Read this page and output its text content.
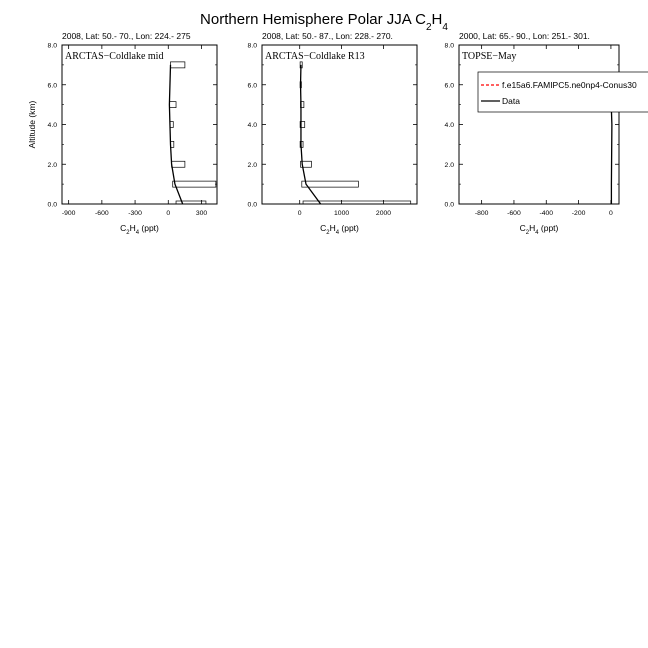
Northern Hemisphere Polar JJA $C_2H_4$
2008, Lat: 50.- 70., Lon: 224.- 275
ARCTAS−Coldlake mid
0.0
2.0
4.0
6.0
8.0
-900	-600	-300	0	300
$C_2H_4$ (ppt)
Altitude (km)
2008, Lat: 50.- 87., Lon: 228.- 270.
ARCTAS−Coldlake R13
0.0
2.0
4.0
6.0
8.0
0	1000	2000
$C_2H_4$ (ppt)
2000, Lat: 65.- 90., Lon: 251.- 301.
TOPSE−May
0.0
2.0
4.0
6.0
8.0
-800	-600	-400	-200	0
$C_2H_4$ (ppt)
f.e15a6.FAMIPC5.ne0np4-Conus30
Data
